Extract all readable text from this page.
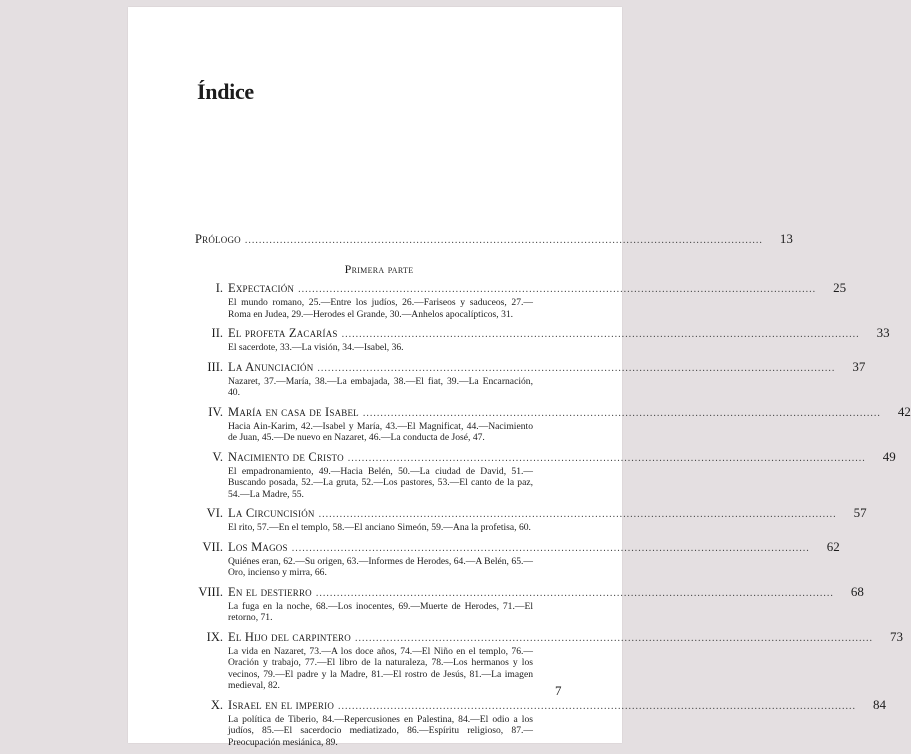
Índice
Prólogo ....................................................................................................................................................	13
Primera parte
I. Expectación ....................................................................................................................................................	25
El mundo romano, 25.—Entre los judíos, 26.—Fariseos y saduceos, 27.—Roma en Judea, 29.—Herodes el Grande, 30.—Anhelos apocalípticos, 31.
II. El profeta Zacarías ....................................................................................................................................................	33
El sacerdote, 33.—La visión, 34.—Isabel, 36.
III. La Anunciación ....................................................................................................................................................	37
Nazaret, 37.—María, 38.—La embajada, 38.—El fiat, 39.—La Encarnación, 40.
IV. María en casa de Isabel ....................................................................................................................................................	42
Hacia Ain-Karim, 42.—Isabel y María, 43.—El Magnificat, 44.—Nacimiento de Juan, 45.—De nuevo en Nazaret, 46.—La conducta de José, 47.
V. Nacimiento de Cristo ....................................................................................................................................................	49
El empadronamiento, 49.—Hacia Belén, 50.—La ciudad de David, 51.—Buscando posada, 52.—La gruta, 52.—Los pastores, 53.—El canto de la paz, 54.—La Madre, 55.
VI. La Circuncisión ....................................................................................................................................................	57
El rito, 57.—En el templo, 58.—El anciano Simeón, 59.—Ana la profetisa, 60.
VII. Los Magos ....................................................................................................................................................	62
Quiénes eran, 62.—Su origen, 63.—Informes de Herodes, 64.—A Belén, 65.—Oro, incienso y mirra, 66.
VIII. En el destierro ....................................................................................................................................................	68
La fuga en la noche, 68.—Los inocentes, 69.—Muerte de Herodes, 71.—El retorno, 71.
IX. El Hijo del carpintero ....................................................................................................................................................	73
La vida en Nazaret, 73.—A los doce años, 74.—El Niño en el templo, 76.—Oración y trabajo, 77.—El libro de la naturaleza, 78.—Los hermanos y los vecinos, 79.—El padre y la Madre, 81.—El rostro de Jesús, 81.—La imagen medieval, 82.
X. Israel en el imperio ....................................................................................................................................................	84
La política de Tiberio, 84.—Repercusiones en Palestina, 84.—El odio a los judíos, 85.—El sacerdocio mediatizado, 86.—Espíritu religioso, 87.—Preocupación mesiánica, 89.
7
